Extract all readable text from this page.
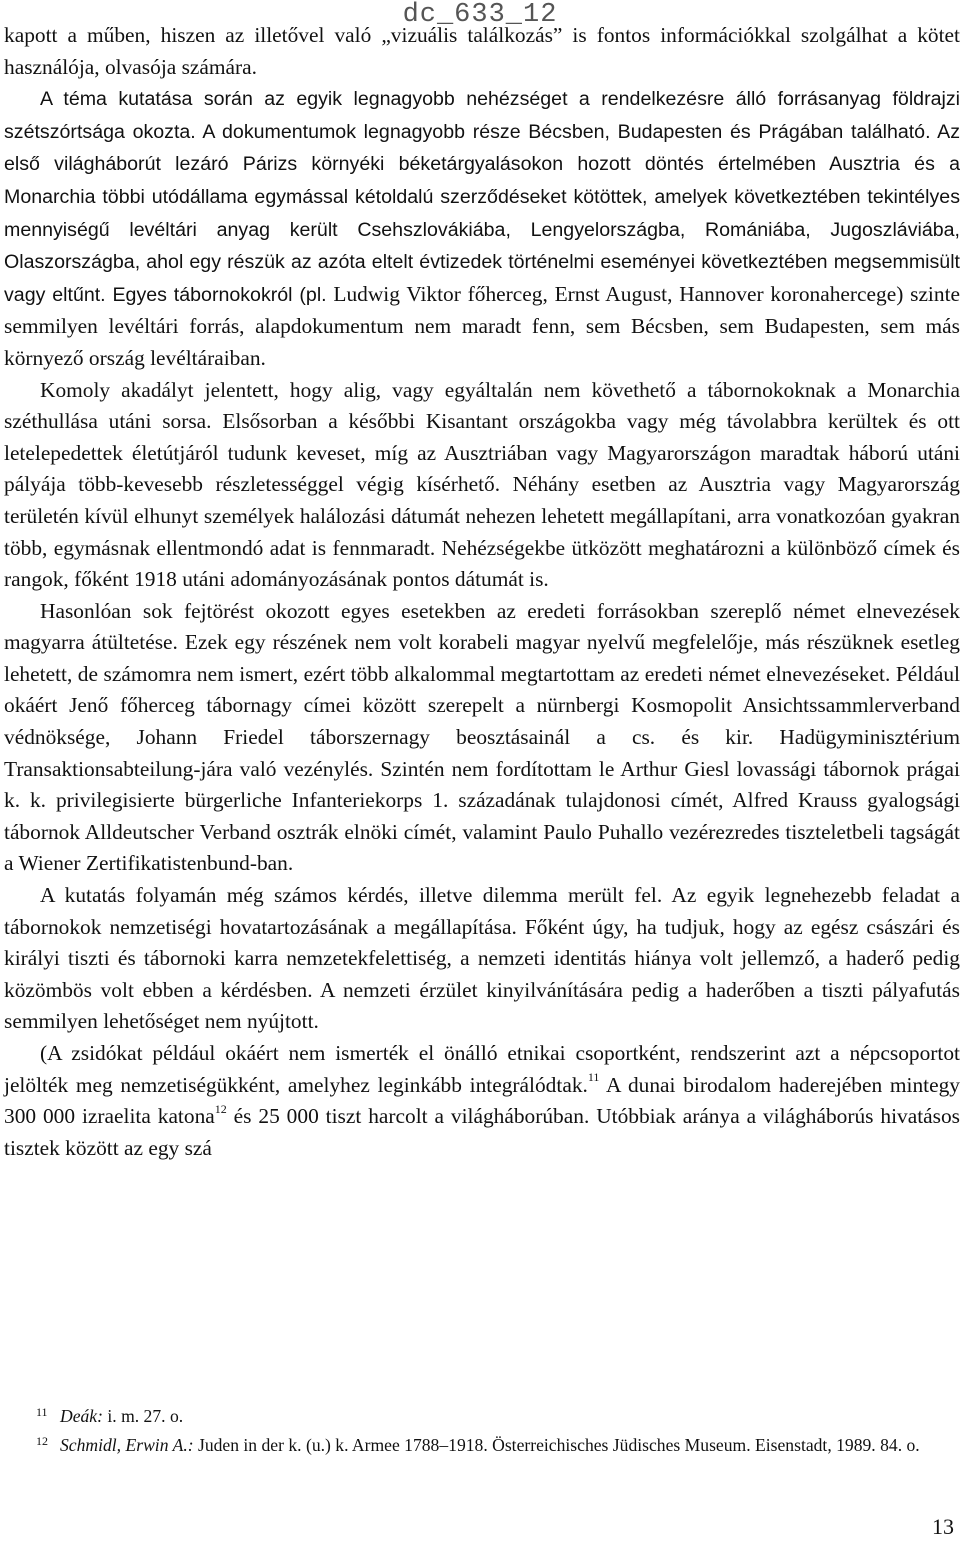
dc_633_12

kapott a műben, hiszen az illetővel való „vizuális találkozás” is fontos információkkal szolgálhat a kötet használója, olvasója számára.

A téma kutatása során az egyik legnagyobb nehézséget a rendelkezésre álló forrásanyag földrajzi szétszórtsága okozta. A dokumentumok legnagyobb része Bécsben, Budapesten és Prágában található. Az első világháborút lezáró Párizs környéki béketárgyalásokon hozott döntés értelmében Ausztria és a Monarchia többi utódállama egymással kétoldalú szerződéseket kötöttek, amelyek következtében tekintélyes mennyiségű levéltári anyag került Csehszlovákiába, Lengyelországba, Romániába, Jugoszláviába, Olaszországba, ahol egy részük az azóta eltelt évtizedek történelmi eseményei következtében megsemmisült vagy eltűnt. Egyes tábornokokról (pl. Ludwig Viktor főherceg, Ernst August, Hannover koronahercege) szinte semmilyen levéltári forrás, alapdokumentum nem maradt fenn, sem Bécsben, sem Budapesten, sem más környező ország levéltáraiban.

Komoly akadályt jelentett, hogy alig, vagy egyáltalán nem követhető a tábornokoknak a Monarchia széthullása utáni sorsa. Elsősorban a későbbi Kisantant országokba vagy még távolabbra kerültek és ott letelepedettek életútjáról tudunk keveset, míg az Ausztriában vagy Magyarországon maradtak háború utáni pályája több-kevesebb részletességgel végig kísérhető. Néhány esetben az Ausztria vagy Magyarország területén kívül elhunyt személyek halálozási dátumát nehezen lehetett megállapítani, arra vonatkozóan gyakran több, egymásnak ellentmondó adat is fennmaradt. Nehézségekbe ütközött meghatározni a különböző címek és rangok, főként 1918 utáni adományozásának pontos dátumát is.

Hasonlóan sok fejtörést okozott egyes esetekben az eredeti forrásokban szereplő német elnevezések magyarra átültetése. Ezek egy részének nem volt korabeli magyar nyelvű megfelelője, más részüknek esetleg lehetett, de számomra nem ismert, ezért több alkalommal megtartottam az eredeti német elnevezéseket. Például okáért Jenő főherceg tábornagy címei között szerepelt a nürnbergi Kosmopolit Ansichtssammlerverband védnöksége, Johann Friedel táborszernagy beosztásainál a cs. és kir. Hadügyminisztérium Transaktionsabteilung-jára való vezénylés. Szintén nem fordítottam le Arthur Giesl lovassági tábornok prágai k. k. privilegisierte bürgerliche Infanteriekorps 1. századának tulajdonosi címét, Alfred Krauss gyalogsági tábornok Alldeutscher Verband osztrák elnöki címét, valamint Paulo Puhallo vezérezredes tiszteletbeli tagságát a Wiener Zertifikatistenbund-ban.

A kutatás folyamán még számos kérdés, illetve dilemma merült fel. Az egyik legnehezebb feladat a tábornokok nemzetiségi hovatartozásának a megállapítása. Főként úgy, ha tudjuk, hogy az egész császári és királyi tiszti és tábornoki karra nemzetekfelettiség, a nemzeti identitás hiánya volt jellemző, a haderő pedig közömbös volt ebben a kérdésben. A nemzeti érzület kinyilvánítására pedig a haderőben a tiszti pályafutás semmilyen lehetőséget nem nyújtott.

(A zsidókat például okáért nem ismerték el önálló etnikai csoportként, rendszerint azt a népcsoportot jelölték meg nemzetiségükként, amelyhez leginkább integrálódtak.$^{11}$ A dunai birodalom haderejében mintegy 300 000 izraelita katona$^{12}$ és 25 000 tiszt harcolt a világháborúban. Utóbbiak aránya a világháborús hivatásos tisztek között az egy szá

11 Deák: i. m. 27. o.

12 Schmidl, Erwin A.: Juden in der k. (u.) k. Armee 1788–1918. Österreichisches Jüdisches Museum. Eisenstadt, 1989. 84. o.

13
